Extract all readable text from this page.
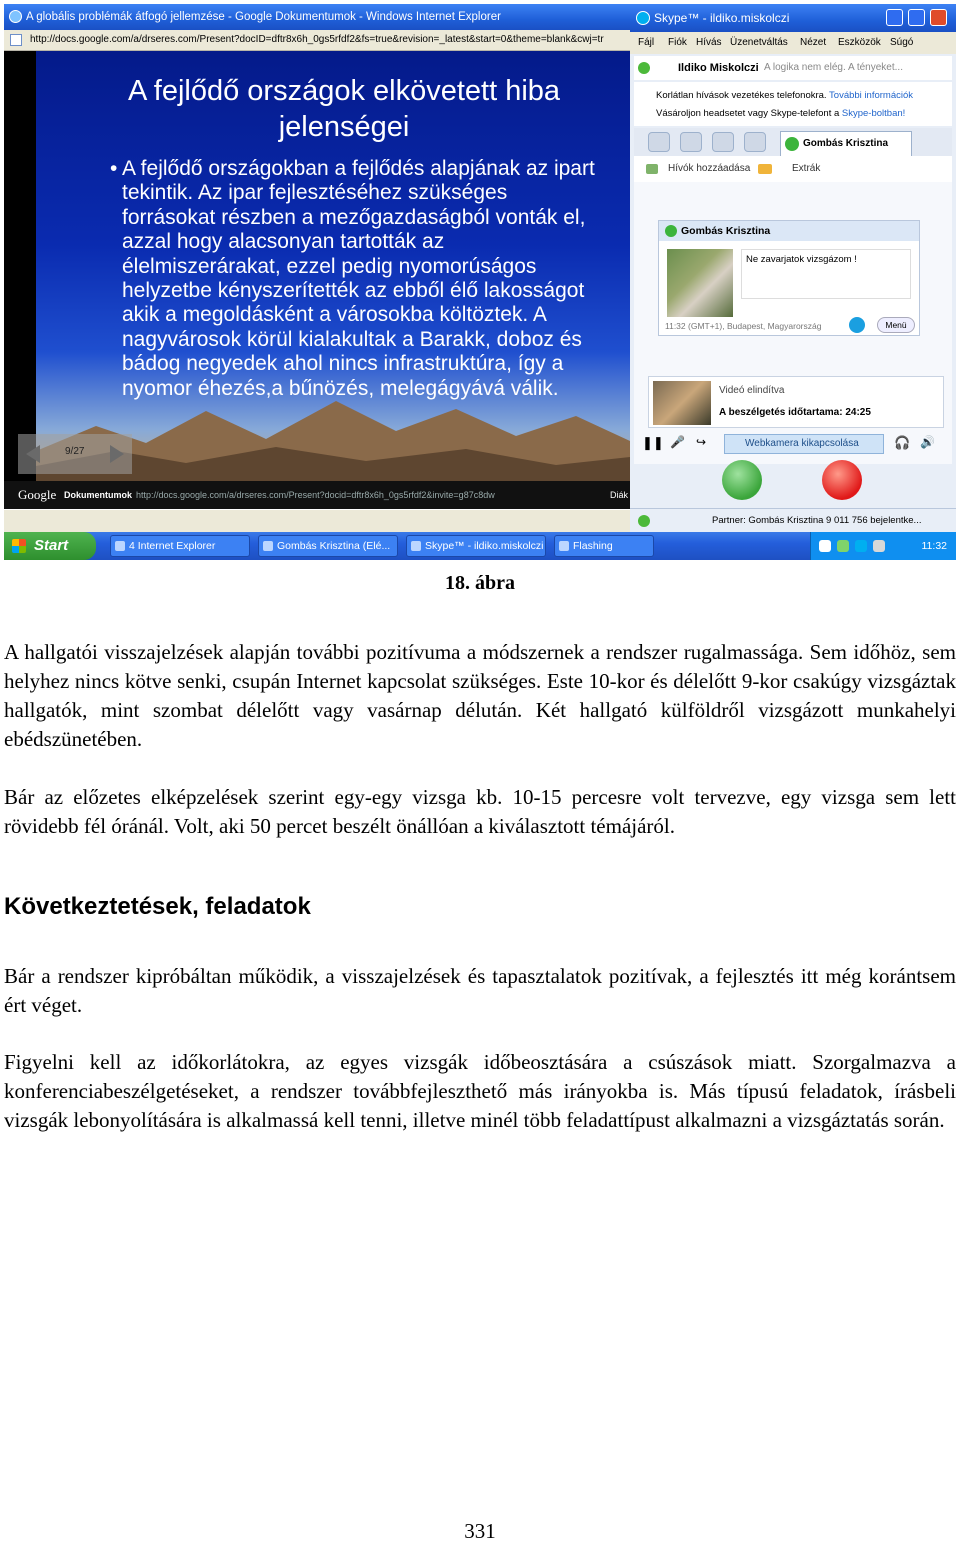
A globális problémák átfogó jellemzése - Google Dokumentumok - Windows Internet Explorer
http://docs.google.com/a/drseres.com/Present?docID=dftr8x6h_0gs5rfdf2&fs=true&revision=_latest&start=0&theme=blank&cwj=tr
A fejlődő országok elkövetett hiba jelenségei
• A fejlődő országokban a fejlődés alapjának az ipart tekintik. Az ipar fejlesztéséhez szükséges forrásokat részben a mezőgazdaságból vonták el, azzal hogy alacsonyan tartották az élelmiszerárakat, ezzel pedig nyomorúságos helyzetbe kényszerítették az ebből élő lakosságot akik a megoldásként a városokba költöztek. A nagyvárosok körül kialakultak a Barakk, doboz és bádog negyedek ahol nincs infrastruktúra, így a nyomor éhezés,a bűnözés, melegágyává válik.
9/27
Google Dokumentumok http://docs.google.com/a/drseres.com/Present?docid=dftr8x6h_0gs5rfdf2&invite=g87c8dw	Diák
Skype™ - ildiko.miskolczi
Fájl Fiók Hívás Üzenetváltás Nézet Eszközök Súgó
Ildiko Miskolczi A logika nem elég. A tényeket...
Korlátlan hívások vezetékes telefonokra. További információk
Vásároljon headsetet vagy Skype-telefont a Skype-boltban!
Gombás Krisztina
Hívók hozzáadása	Extrák
Gombás Krisztina
Ne zavarjatok vizsgázom !
11:32 (GMT+1), Budapest, Magyarország	Menü
Videó elindítva
A beszélgetés időtartama: 24:25
❚❚ 🎤 ↪	Webkamera kikapcsolása	🎧 🔊
Partner: Gombás Krisztina 9 011 756 bejelentke...
Start	4 Internet Explorer	Gombás Krisztina (Elé...	Skype™ - ildiko.miskolczi	Flashing	11:32
18. ábra
A hallgatói visszajelzések alapján további pozitívuma a módszernek a rendszer rugalmassága. Sem időhöz, sem helyhez nincs kötve senki, csupán Internet kapcsolat szükséges. Este 10-kor és délelőtt 9-kor csakúgy vizsgáztak hallgatók, mint szombat délelőtt vagy vasárnap délután. Két hallgató külföldről vizsgázott munkahelyi ebédszünetében.
Bár az előzetes elképzelések szerint egy-egy vizsga kb. 10-15 percesre volt tervezve, egy vizsga sem lett rövidebb fél óránál. Volt, aki 50 percet beszélt önállóan a kiválasztott témájáról.
Következtetések, feladatok
Bár a rendszer kipróbáltan működik, a visszajelzések és tapasztalatok pozitívak, a fejlesztés itt még korántsem ért véget.
Figyelni kell az időkorlátokra, az egyes vizsgák időbeosztására a csúszások miatt. Szorgalmazva a konferenciabeszélgetéseket, a rendszer továbbfejleszthető más irányokba is. Más típusú feladatok, írásbeli vizsgák lebonyolítására is alkalmassá kell tenni, illetve minél több feladattípust alkalmazni a vizsgáztatás során.
331
